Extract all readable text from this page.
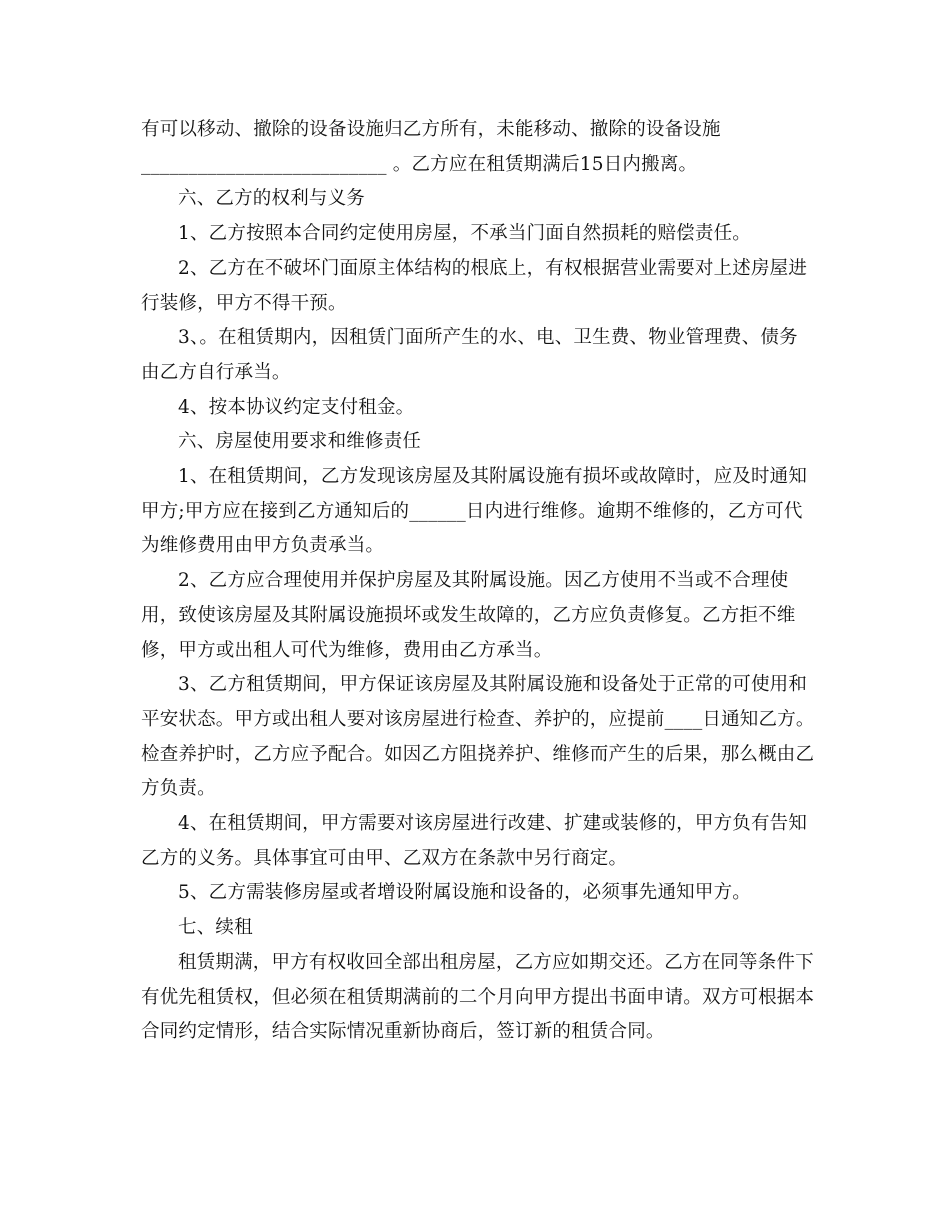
有可以移动、撤除的设备设施归乙方所有，未能移动、撤除的设备设施

__________________________ 。乙方应在租赁期满后15日内搬离。

六、乙方的权利与义务

1、乙方按照本合同约定使用房屋，不承当门面自然损耗的赔偿责任。

2、乙方在不破坏门面原主体结构的根底上，有权根据营业需要对上述房屋进行装修，甲方不得干预。

3、。在租赁期内，因租赁门面所产生的水、电、卫生费、物业管理费、债务由乙方自行承当。

4、按本协议约定支付租金。

六、房屋使用要求和维修责任

1、在租赁期间，乙方发现该房屋及其附属设施有损坏或故障时，应及时通知甲方;甲方应在接到乙方通知后的______日内进行维修。逾期不维修的，乙方可代为维修费用由甲方负责承当。

2、乙方应合理使用并保护房屋及其附属设施。因乙方使用不当或不合理使用，致使该房屋及其附属设施损坏或发生故障的，乙方应负责修复。乙方拒不维修，甲方或出租人可代为维修，费用由乙方承当。

3、乙方租赁期间，甲方保证该房屋及其附属设施和设备处于正常的可使用和平安状态。甲方或出租人要对该房屋进行检查、养护的，应提前____日通知乙方。检查养护时，乙方应予配合。如因乙方阻挠养护、维修而产生的后果，那么概由乙方负责。

4、在租赁期间，甲方需要对该房屋进行改建、扩建或装修的，甲方负有告知乙方的义务。具体事宜可由甲、乙双方在条款中另行商定。

5、乙方需装修房屋或者增设附属设施和设备的，必须事先通知甲方。

七、续租

租赁期满，甲方有权收回全部出租房屋，乙方应如期交还。乙方在同等条件下有优先租赁权，但必须在租赁期满前的二个月向甲方提出书面申请。双方可根据本合同约定情形，结合实际情况重新协商后，签订新的租赁合同。
